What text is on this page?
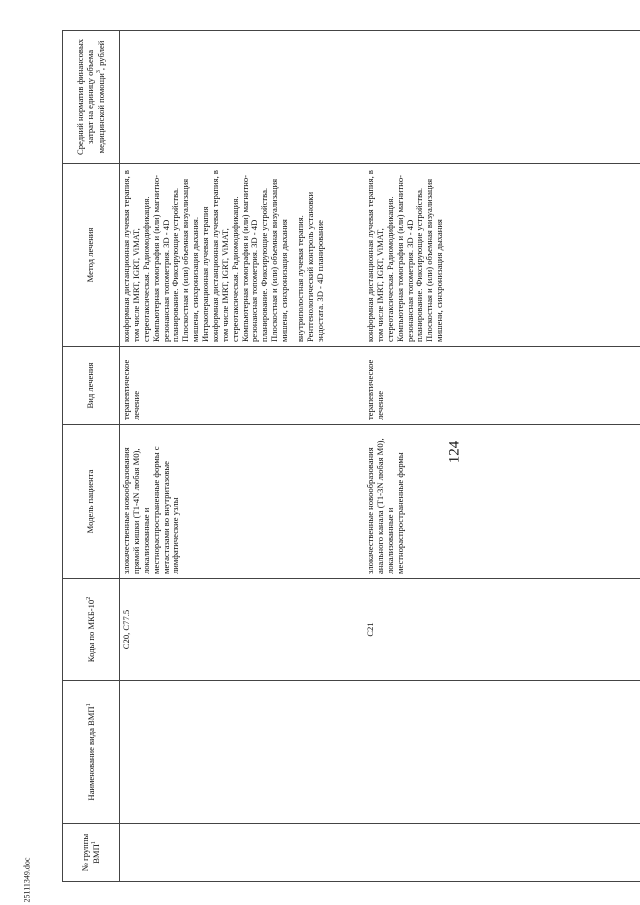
124
25111349.doc
№ группы ВМП$^1$	Наименование вида ВМП$^1$	Коды по МКБ-$10^2$	Модель пациента	Вид лечения	Метод лечения	Средний норматив финансовых затрат на единицу объема медицинской помощи$^3$, рублей
		C20, C77.5	злокачественные новообразования прямой кишки (T1-4N любая M0), локализованные и местнораспространенные формы с метастазами во внутритазовые лимфатические узлы	терапевтическое лечение	конформная дистанционная лучевая терапия, в том числе IMRT, IGRT, ViMAT, стереотаксическая. Радиомодификация. Компьютерная томография и (или) магнитно-резонансная топометрия. 3D - 4D планирование. Фиксирующие устройства. Плоскостная и (или) объемная визуализация мишени, синхронизация дыхания. Интраоперационная лучевая терапия конформная дистанционная лучевая терапия, в том числе IMRT, IGRT, ViMAT, стереотаксическая. Радиомодификация. Компьютерная томография и (или) магнитно-резонансная топометрия. 3D - 4D планирование. Фиксирующие устройства. Плоскостная и (или) объемная визуализация мишени, синхронизация дыхания внутриполостная лучевая терапия. Рентгенологический контроль установки эндостата. 3D - 4D планирование	

		C21	злокачественные новообразования анального канала (T1-3N любая M0), локализованные и местнораспространенные формы	терапевтическое лечение	конформная дистанционная лучевая терапия, в том числе IMRT, IGRT, ViMAT, стереотаксическая. Радиомодификация. Компьютерная томография и (или) магнитно-резонансная топометрия. 3D - 4D планирование. Фиксирующие устройства. Плоскостная и (или) объемная визуализация мишени, синхронизация дыхания	
